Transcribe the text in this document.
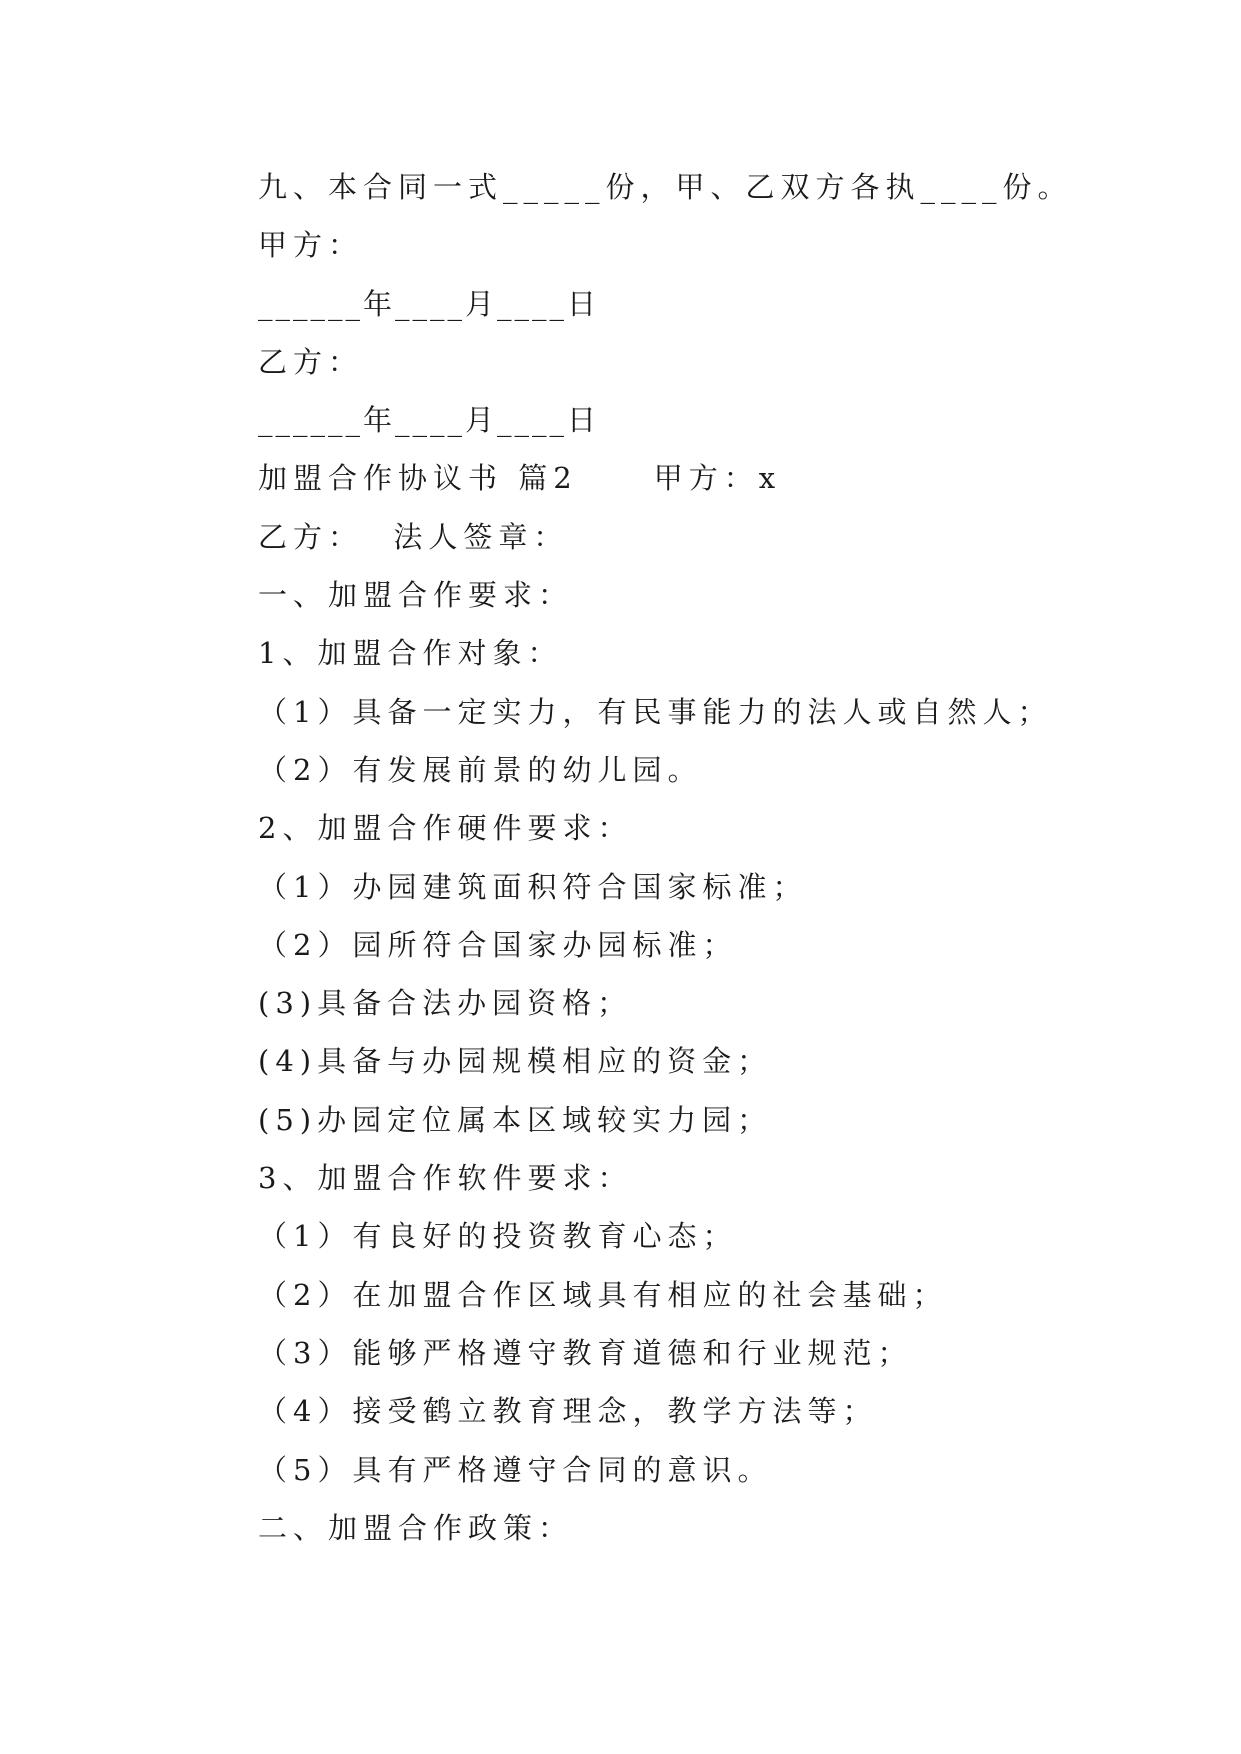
九、本合同一式_____份，甲、乙双方各执____份。
甲方：
______年____月____日
乙方：
______年____月____日
加盟合作协议书 篇2     甲方：x
乙方：  法人签章：
一、加盟合作要求：
1、加盟合作对象：
（1）具备一定实力，有民事能力的法人或自然人；
（2）有发展前景的幼儿园。
2、加盟合作硬件要求：
（1）办园建筑面积符合国家标准；
（2）园所符合国家办园标准；
(3)具备合法办园资格；
(4)具备与办园规模相应的资金；
(5)办园定位属本区域较实力园；
3、加盟合作软件要求：
（1）有良好的投资教育心态；
（2）在加盟合作区域具有相应的社会基础；
（3）能够严格遵守教育道德和行业规范；
（4）接受鹤立教育理念，教学方法等；
（5）具有严格遵守合同的意识。
二、加盟合作政策：
